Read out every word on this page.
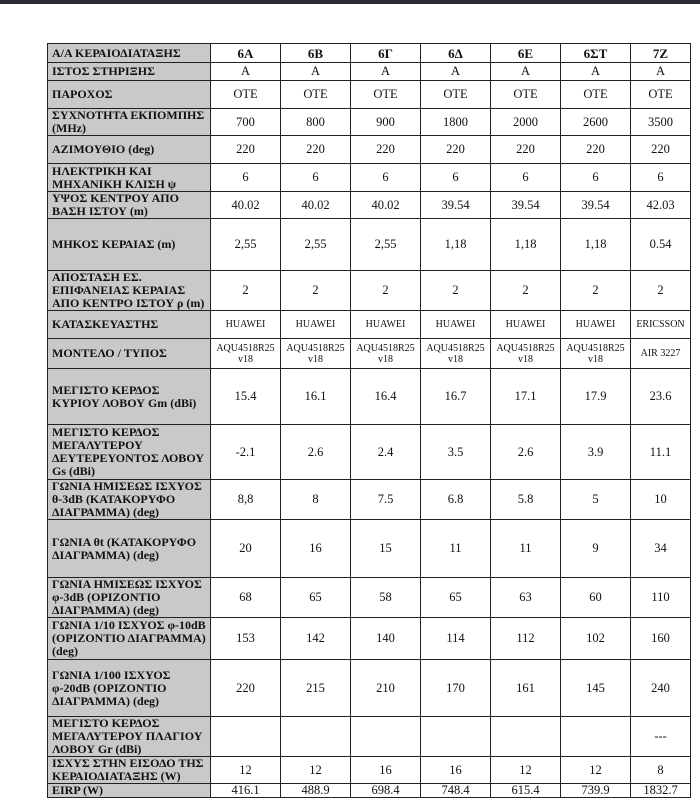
Α/Α ΚΕΡΑΙΟΔΙΑΤΑΞΗΣ	6Α	6Β	6Γ	6Δ	6Ε	6ΣΤ	7Ζ
ΙΣΤΟΣ ΣΤΗΡΙΞΗΣ	Α	Α	Α	Α	Α	Α	Α
ΠΑΡΟΧΟΣ	ΟΤΕ	ΟΤΕ	ΟΤΕ	ΟΤΕ	ΟΤΕ	ΟΤΕ	ΟΤΕ
ΣΥΧΝΟΤΗΤΑ ΕΚΠΟΜΠΗΣ (MHz)	700	800	900	1800	2000	2600	3500
ΑΖΙΜΟΥΘΙΟ (deg)	220	220	220	220	220	220	220
ΗΛΕΚΤΡΙΚΗ ΚΑΙ ΜΗΧΑΝΙΚΗ ΚΛΙΣΗ ψ	6	6	6	6	6	6	6
ΥΨΟΣ ΚΕΝΤΡΟΥ ΑΠΟ ΒΑΣΗ ΙΣΤΟΥ (m)	40.02	40.02	40.02	39.54	39.54	39.54	42.03
ΜΗΚΟΣ ΚΕΡΑΙΑΣ (m)	2,55	2,55	2,55	1,18	1,18	1,18	0.54
ΑΠΟΣΤΑΣΗ ΕΣ. ΕΠΙΦΑΝΕΙΑΣ ΚΕΡΑΙΑΣ ΑΠΟ ΚΕΝΤΡΟ ΙΣΤΟΥ ρ (m)	2	2	2	2	2	2	2
ΚΑΤΑΣΚΕΥΑΣΤΗΣ	HUAWEI	HUAWEI	HUAWEI	HUAWEI	HUAWEI	HUAWEI	ERICSSON
ΜΟΝΤΕΛΟ / ΤΥΠΟΣ	AQU4518R25 v18	AQU4518R25 v18	AQU4518R25 v18	AQU4518R25 v18	AQU4518R25 v18	AQU4518R25 v18	AIR 3227
ΜΕΓΙΣΤΟ ΚΕΡΔΟΣ ΚΥΡΙΟΥ ΛΟΒΟΥ Gm (dBi)	15.4	16.1	16.4	16.7	17.1	17.9	23.6
ΜΕΓΙΣΤΟ ΚΕΡΔΟΣ ΜΕΓΑΛΥΤΕΡΟΥ ΔΕΥΤΕΡΕΥΟΝΤΟΣ ΛΟΒΟΥ Gs (dBi)	-2.1	2.6	2.4	3.5	2.6	3.9	11.1
ΓΩΝΙΑ ΗΜΙΣΕΩΣ ΙΣΧΥΟΣ θ-3dB (ΚΑΤΑΚΟΡΥΦΟ ΔΙΑΓΡΑΜΜΑ) (deg)	8,8	8	7.5	6.8	5.8	5	10
ΓΩΝΙΑ θt (ΚΑΤΑΚΟΡΥΦΟ ΔΙΑΓΡΑΜΜΑ) (deg)	20	16	15	11	11	9	34
ΓΩΝΙΑ ΗΜΙΣΕΩΣ ΙΣΧΥΟΣ φ-3dB (ΟΡΙΖΟΝΤΙΟ ΔΙΑΓΡΑΜΜΑ) (deg)	68	65	58	65	63	60	110
ΓΩΝΙΑ 1/10 ΙΣΧΥΟΣ φ-10dB (ΟΡΙΖΟΝΤΙΟ ΔΙΑΓΡΑΜΜΑ) (deg)	153	142	140	114	112	102	160
ΓΩΝΙΑ 1/100 ΙΣΧΥΟΣ φ-20dB (ΟΡΙΖΟΝΤΙΟ ΔΙΑΓΡΑΜΜΑ) (deg)	220	215	210	170	161	145	240
ΜΕΓΙΣΤΟ ΚΕΡΔΟΣ ΜΕΓΑΛΥΤΕΡΟΥ ΠΛΑΓΙΟΥ ΛΟΒΟΥ Gr (dBi)							---
ΙΣΧΥΣ ΣΤΗΝ ΕΙΣΟΔΟ ΤΗΣ ΚΕΡΑΙΟΔΙΑΤΑΞΗΣ (W)	12	12	16	16	12	12	8
EIRP (W)	416.1	488.9	698.4	748.4	615.4	739.9	1832.7
